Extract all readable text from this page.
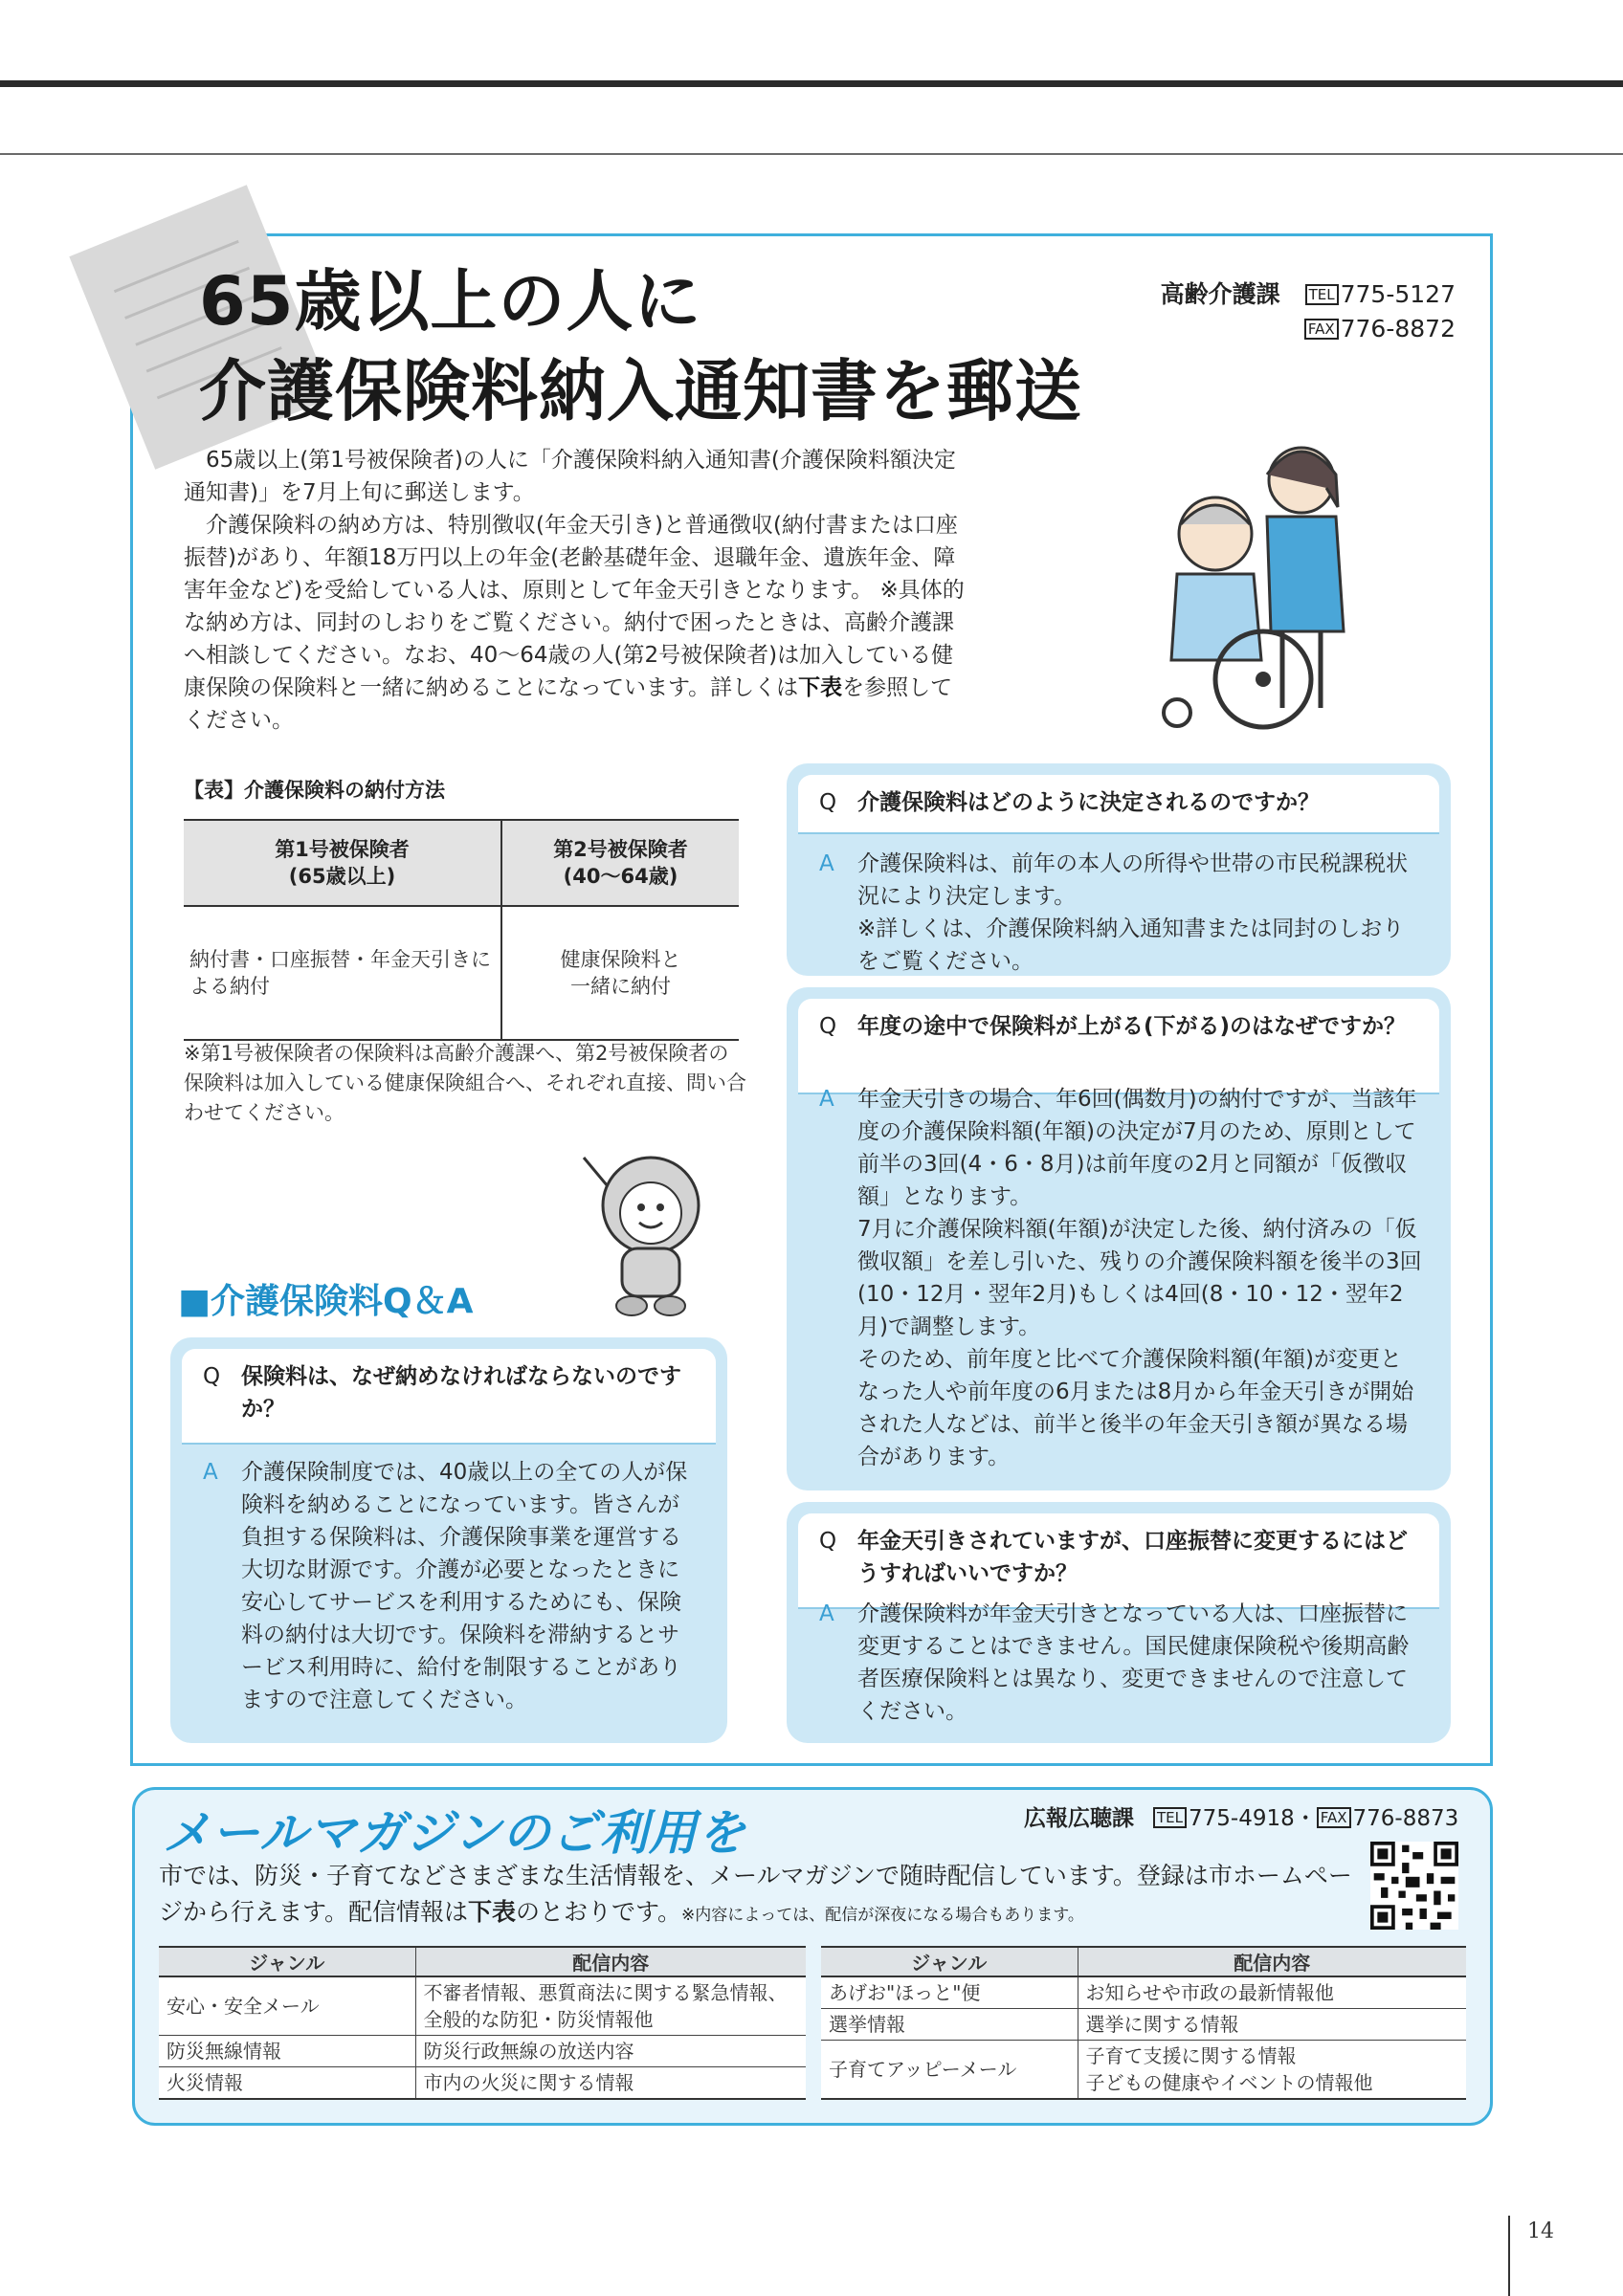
65歳以上の人に
介護保険料納入通知書を郵送
高齢介護課 TEL 775-5127
FAX 776-8872

65歳以上(第1号被保険者)の人に「介護保険料納入通知書(介護保険料額決定通知書)」を7月上旬に郵送します。

介護保険料の納め方は、特別徴収(年金天引き)と普通徴収(納付書または口座振替)があり、年額18万円以上の年金(老齢基礎年金、退職年金、遺族年金、障害年金など)を受給している人は、原則として年金天引きとなります。 ※具体的な納め方は、同封のしおりをご覧ください。納付で困ったときは、高齢介護課へ相談してください。なお、40〜64歳の人(第2号被保険者)は加入している健康保険の保険料と一緒に納めることになっています。詳しくは下表を参照してください。

【表】介護保険料の納付方法
第1号被保険者
(65歳以上)	第2号被保険者
(40〜64歳)
納付書・口座振替・年金天引きによる納付	健康保険料と
一緒に納付
※第1号被保険者の保険料は高齢介護課へ、第2号被保険者の保険料は加入している健康保険組合へ、それぞれ直接、問い合わせてください。
■介護保険料Q＆A
Q 保険料は、なぜ納めなければならないのですか？
A 介護保険制度では、40歳以上の全ての人が保険料を納めることになっています。皆さんが負担する保険料は、介護保険事業を運営する大切な財源です。介護が必要となったときに安心してサービスを利用するためにも、保険料の納付は大切です。保険料を滞納するとサービス利用時に、給付を制限することがありますので注意してください。
Q 介護保険料はどのように決定されるのですか？
A 介護保険料は、前年の本人の所得や世帯の市民税課税状況により決定します。
※詳しくは、介護保険料納入通知書または同封のしおりをご覧ください。
Q 年度の途中で保険料が上がる(下がる)のはなぜですか？
A 年金天引きの場合、年6回(偶数月)の納付ですが、当該年度の介護保険料額(年額)の決定が7月のため、原則として前半の3回(4・6・8月)は前年度の2月と同額が「仮徴収額」となります。
7月に介護保険料額(年額)が決定した後、納付済みの「仮徴収額」を差し引いた、残りの介護保険料額を後半の3回(10・12月・翌年2月)もしくは4回(8・10・12・翌年2月)で調整します。
そのため、前年度と比べて介護保険料額(年額)が変更となった人や前年度の6月または8月から年金天引きが開始された人などは、前半と後半の年金天引き額が異なる場合があります。
Q 年金天引きされていますが、口座振替に変更するにはどうすればいいですか？
A 介護保険料が年金天引きとなっている人は、口座振替に変更することはできません。国民健康保険税や後期高齢者医療保険料とは異なり、変更できませんので注意してください。
メールマガジンのご利用を	広報広聴課 TEL 775-4918・ FAX 776-8873
市では、防災・子育てなどさまざまな生活情報を、メールマガジンで随時配信しています。登録は市ホームページから行えます。配信情報は下表のとおりです。※内容によっては、配信が深夜になる場合もあります。
ジャンル	配信内容
安心・安全メール	不審者情報、悪質商法に関する緊急情報、全般的な防犯・防災情報他
防災無線情報	防災行政無線の放送内容
火災情報	市内の火災に関する情報
ジャンル	配信内容
あげお"ほっと"便	お知らせや市政の最新情報他
選挙情報	選挙に関する情報
子育てアッピーメール	子育て支援に関する情報
子どもの健康やイベントの情報他
14
